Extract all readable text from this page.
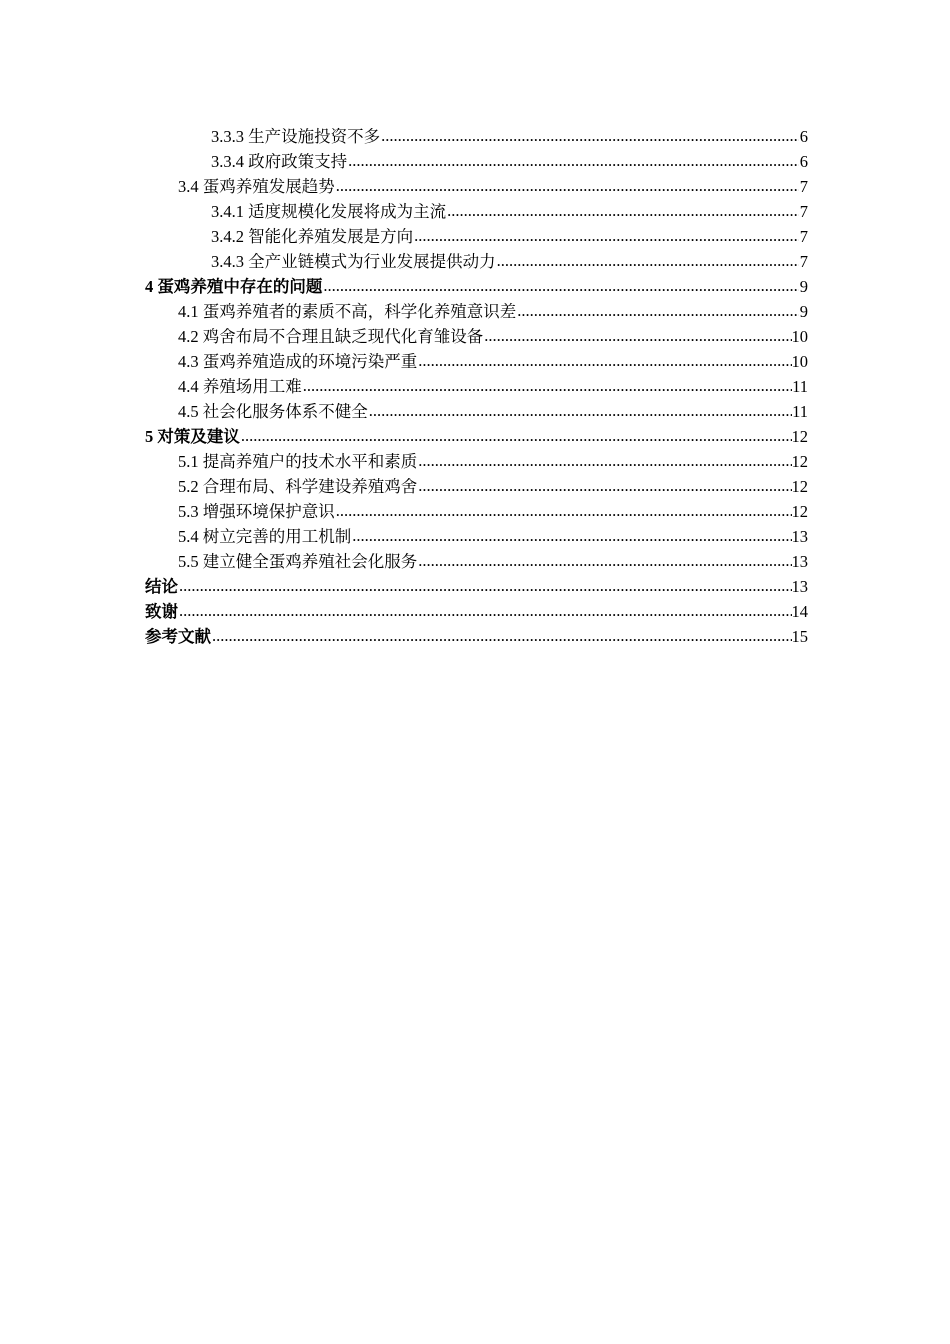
3.3.3 生产设施投资不多 .....	6
3.3.4 政府政策支持 .....	6
3.4 蛋鸡养殖发展趋势 .....	7
3.4.1 适度规模化发展将成为主流 .....	7
3.4.2 智能化养殖发展是方向 .....	7
3.4.3 全产业链模式为行业发展提供动力 .....	7
4 蛋鸡养殖中存在的问题 .....	9
4.1 蛋鸡养殖者的素质不高，科学化养殖意识差 .....	9
4.2 鸡舍布局不合理且缺乏现代化育雏设备 .....	10
4.3 蛋鸡养殖造成的环境污染严重 .....	10
4.4 养殖场用工难 .....	11
4.5 社会化服务体系不健全 .....	11
5 对策及建议 .....	12
5.1 提高养殖户的技术水平和素质 .....	12
5.2 合理布局、科学建设养殖鸡舍 .....	12
5.3 增强环境保护意识 .....	12
5.4 树立完善的用工机制 .....	13
5.5 建立健全蛋鸡养殖社会化服务 .....	13
结论 .....	13
致谢 .....	14
参考文献 .....	15
